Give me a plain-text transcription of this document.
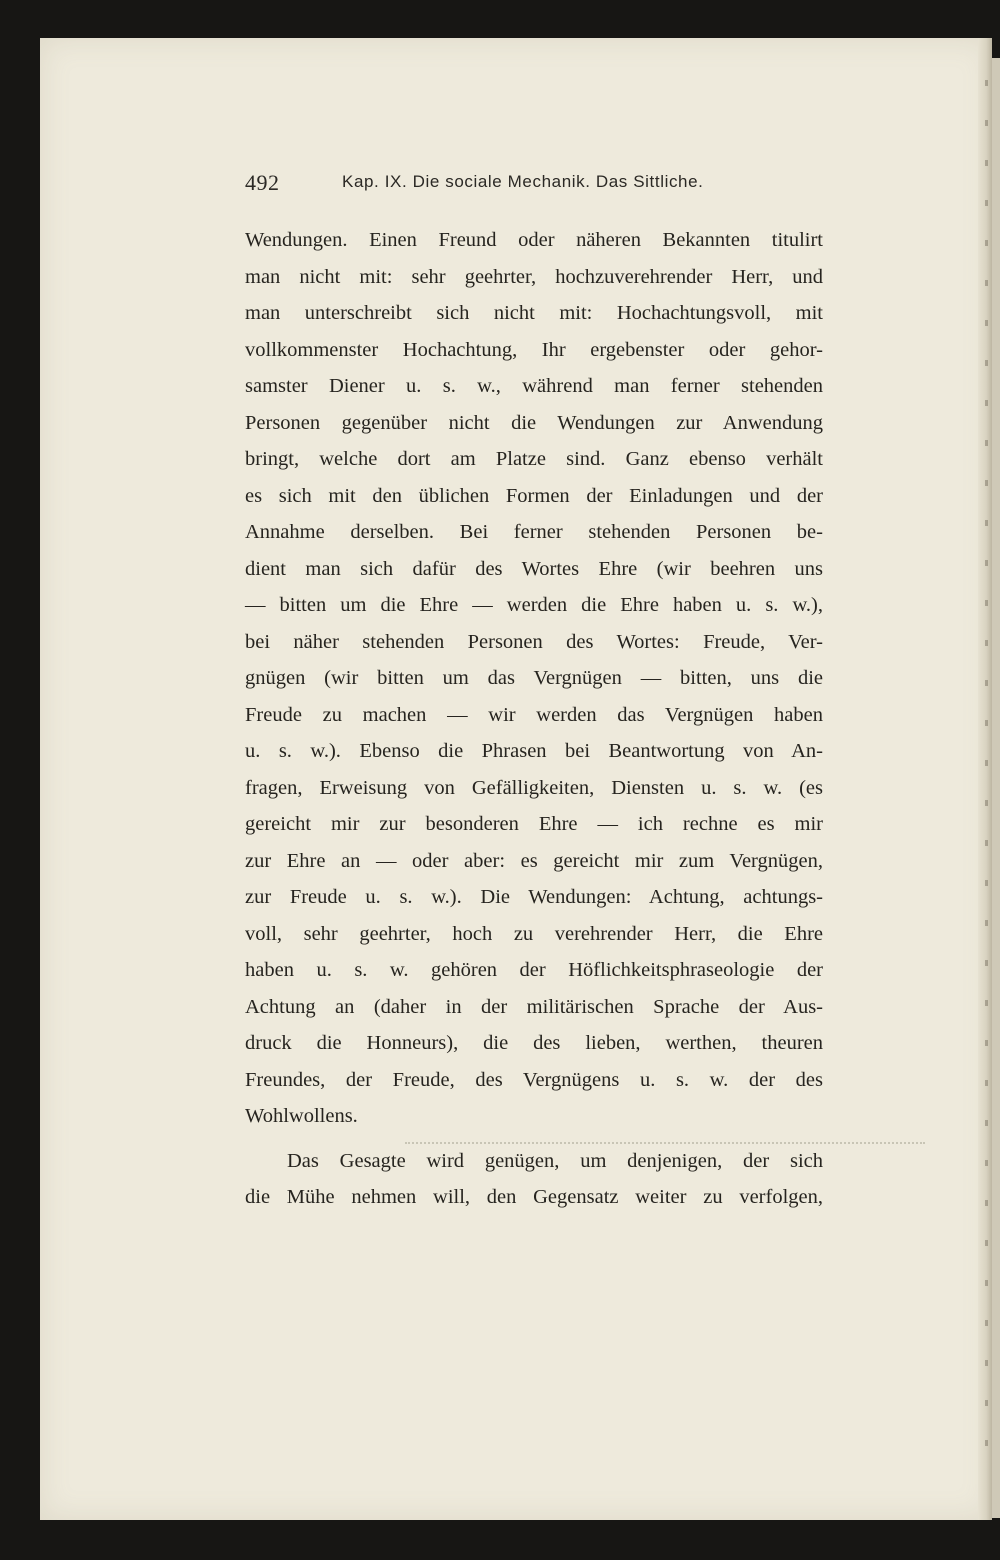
492	Kap. IX. Die sociale Mechanik. Das Sittliche.
Wendungen. Einen Freund oder näheren Bekannten titulirt
man nicht mit: sehr geehrter, hochzuverehrender Herr, und
man unterschreibt sich nicht mit: Hochachtungsvoll, mit
vollkommenster Hochachtung, Ihr ergebenster oder gehor-
samster Diener u. s. w., während man ferner stehenden
Personen gegenüber nicht die Wendungen zur Anwendung
bringt, welche dort am Platze sind. Ganz ebenso verhält
es sich mit den üblichen Formen der Einladungen und der
Annahme derselben. Bei ferner stehenden Personen be-
dient man sich dafür des Wortes Ehre (wir beehren uns
— bitten um die Ehre — werden die Ehre haben u. s. w.),
bei näher stehenden Personen des Wortes: Freude, Ver-
gnügen (wir bitten um das Vergnügen — bitten, uns die
Freude zu machen — wir werden das Vergnügen haben
u. s. w.). Ebenso die Phrasen bei Beantwortung von An-
fragen, Erweisung von Gefälligkeiten, Diensten u. s. w. (es
gereicht mir zur besonderen Ehre — ich rechne es mir
zur Ehre an — oder aber: es gereicht mir zum Vergnügen,
zur Freude u. s. w.). Die Wendungen: Achtung, achtungs-
voll, sehr geehrter, hoch zu verehrender Herr, die Ehre
haben u. s. w. gehören der Höflichkeitsphraseologie der
Achtung an (daher in der militärischen Sprache der Aus-
druck die Honneurs), die des lieben, werthen, theuren
Freundes, der Freude, des Vergnügens u. s. w. der des
Wohlwollens.
Das Gesagte wird genügen, um denjenigen, der sich
die Mühe nehmen will, den Gegensatz weiter zu verfolgen,
